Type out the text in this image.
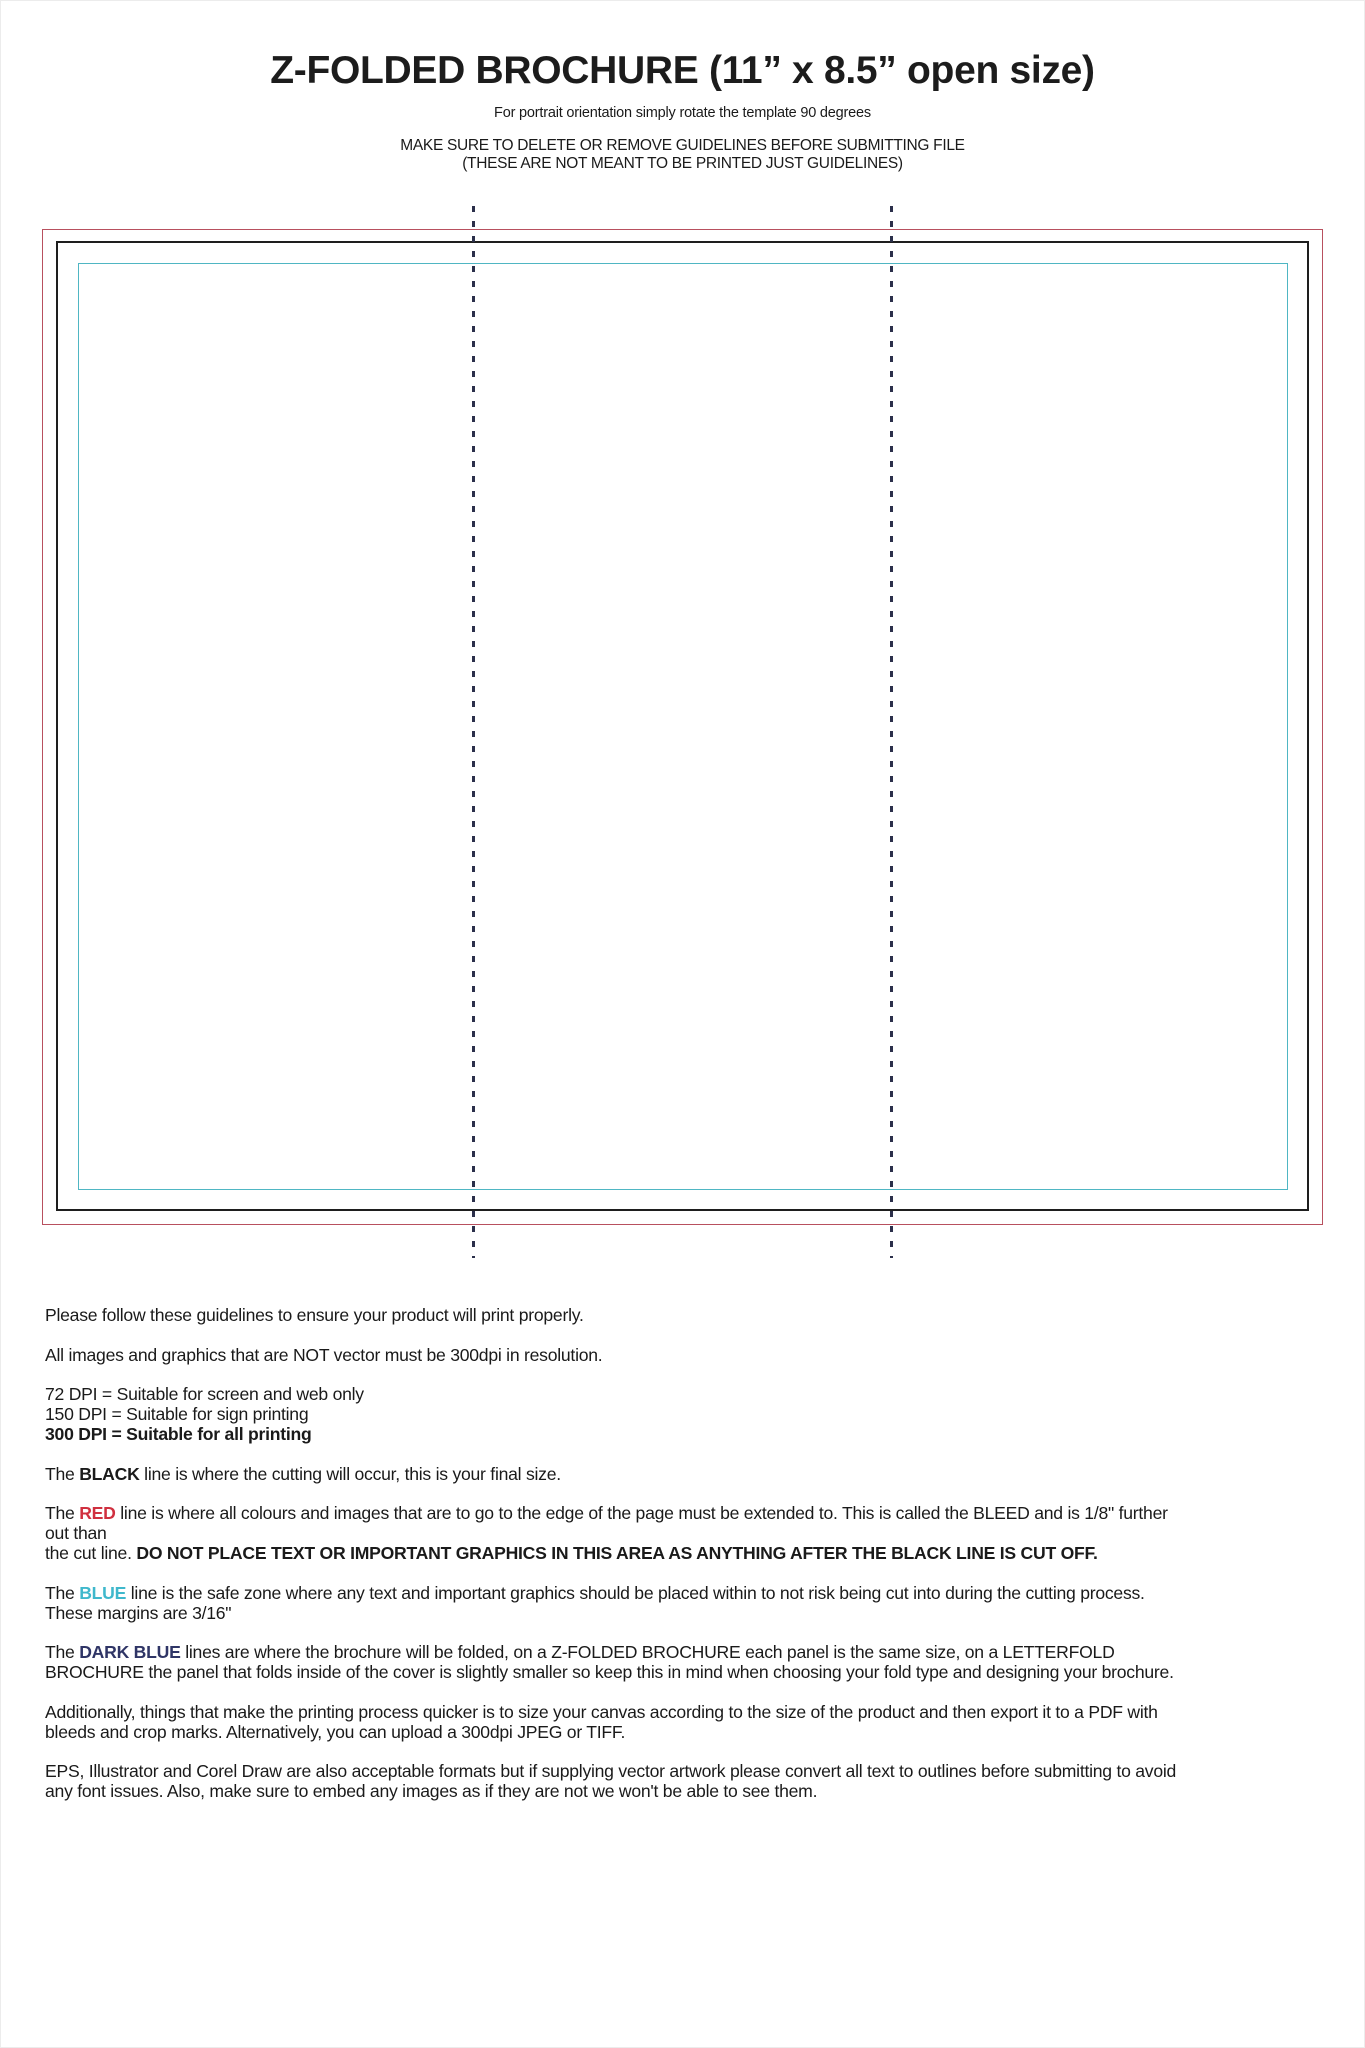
Z-FOLDED BROCHURE (11” x 8.5” open size)
For portrait orientation simply rotate the template 90 degrees
MAKE SURE TO DELETE OR REMOVE GUIDELINES BEFORE SUBMITTING FILE
(THESE ARE NOT MEANT TO BE PRINTED JUST GUIDELINES)

Please follow these guidelines to ensure your product will print properly.

All images and graphics that are NOT vector must be 300dpi in resolution.

72 DPI = Suitable for screen and web only
150 DPI = Suitable for sign printing
300 DPI = Suitable for all printing

The BLACK line is where the cutting will occur, this is your final size.

The RED line is where all colours and images that are to go to the edge of the page must be extended to. This is called the BLEED and is 1/8" further
out than
the cut line. DO NOT PLACE TEXT OR IMPORTANT GRAPHICS IN THIS AREA AS ANYTHING AFTER THE BLACK LINE IS CUT OFF.

The BLUE line is the safe zone where any text and important graphics should be placed within to not risk being cut into during the cutting process.
These margins are 3/16"

The DARK BLUE lines are where the brochure will be folded, on a Z-FOLDED BROCHURE each panel is the same size, on a LETTERFOLD
BROCHURE the panel that folds inside of the cover is slightly smaller so keep this in mind when choosing your fold type and designing your brochure.

Additionally, things that make the printing process quicker is to size your canvas according to the size of the product and then export it to a PDF with
bleeds and crop marks. Alternatively, you can upload a 300dpi JPEG or TIFF.

EPS, Illustrator and Corel Draw are also acceptable formats but if supplying vector artwork please convert all text to outlines before submitting to avoid
any font issues. Also, make sure to embed any images as if they are not we won't be able to see them.
